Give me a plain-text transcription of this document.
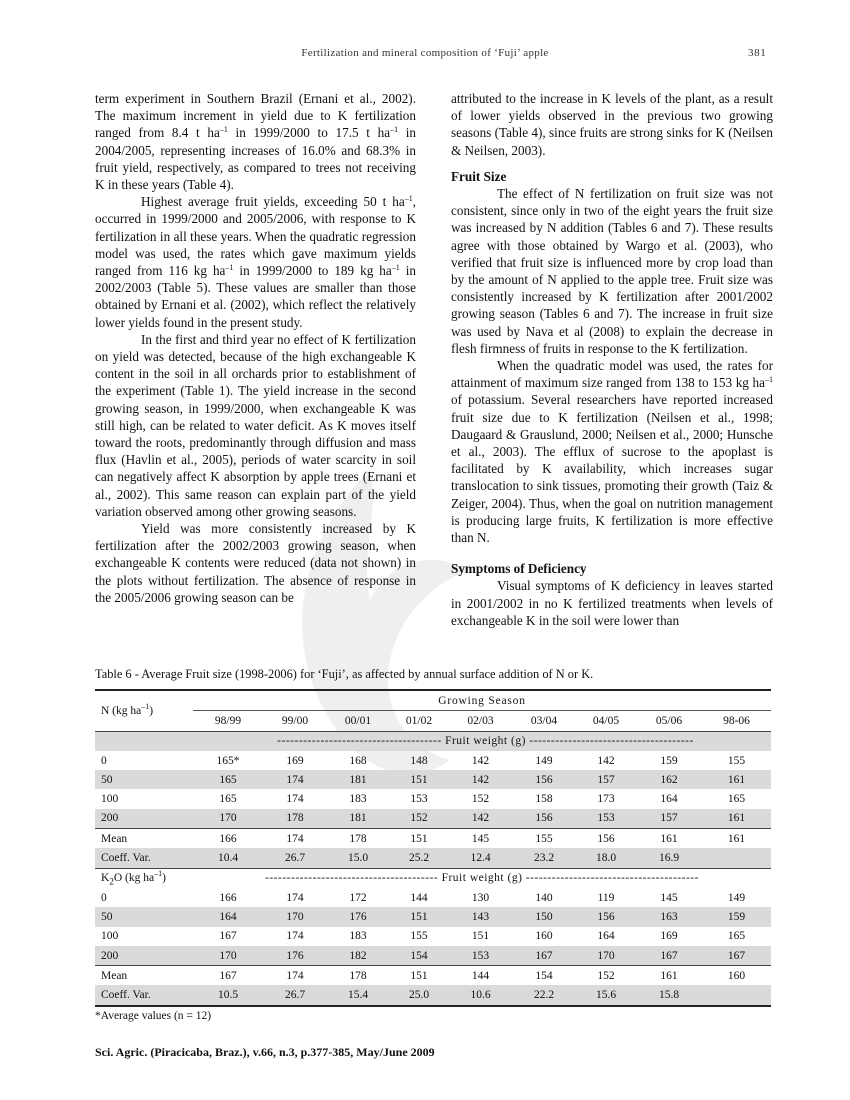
Fertilization and mineral composition of ‘Fuji’ apple	381

term experiment in Southern Brazil (Ernani et al., 2002). The maximum increment in yield due to K fertilization ranged from 8.4 t $ha^{-1}$ in 1999/2000 to 17.5 t $ha^{-1}$ in 2004/2005, representing increases of 16.0% and 68.3% in fruit yield, respectively, as compared to trees not receiving K in these years (Table 4).

Highest average fruit yields, exceeding 50 t $ha^{-1}$, occurred in 1999/2000 and 2005/2006, with response to K fertilization in all these years. When the quadratic regression model was used, the rates which gave maximum yields ranged from 116 kg $ha^{-1}$ in 1999/2000 to 189 kg $ha^{-1}$ in 2002/2003 (Table 5). These values are smaller than those obtained by Ernani et al. (2002), which reflect the relatively lower yields found in the present study.

In the first and third year no effect of K fertilization on yield was detected, because of the high exchangeable K content in the soil in all orchards prior to establishment of the experiment (Table 1). The yield increase in the second growing season, in 1999/2000, when exchangeable K was still high, can be related to water deficit. As K moves itself toward the roots, predominantly through diffusion and mass flux (Havlin et al., 2005), periods of water scarcity in soil can negatively affect K absorption by apple trees (Ernani et al., 2002). This same reason can explain part of the yield variation observed among other growing seasons.

Yield was more consistently increased by K fertilization after the 2002/2003 growing season, when exchangeable K contents were reduced (data not shown) in the plots without fertilization. The absence of response in the 2005/2006 growing season can be

attributed to the increase in K levels of the plant, as a result of lower yields observed in the previous two growing seasons (Table 4), since fruits are strong sinks for K (Neilsen & Neilsen, 2003).

Fruit Size

The effect of N fertilization on fruit size was not consistent, since only in two of the eight years the fruit size was increased by N addition (Tables 6 and 7). These results agree with those obtained by Wargo et al. (2003), who verified that fruit size is influenced more by crop load than by the amount of N applied to the apple tree. Fruit size was consistently increased by K fertilization after 2001/2002 growing season (Tables 6 and 7). The increase in fruit size was used by Nava et al (2008) to explain the decrease in flesh firmness of fruits in response to the K fertilization.

When the quadratic model was used, the rates for attainment of maximum size ranged from 138 to 153 kg $ha^{-1}$ of potassium. Several researchers have reported increased fruit size due to K fertilization (Neilsen et al., 1998; Daugaard & Grauslund, 2000; Neilsen et al., 2000; Hunsche et al., 2003). The efflux of sucrose to the apoplast is facilitated by K availability, which increases sugar translocation to sink tissues, promoting their growth (Taiz & Zeiger, 2004). Thus, when the goal on nutrition management is producing large fruits, K fertilization is more effective than N.

Symptoms of Deficiency

Visual symptoms of K deficiency in leaves started in 2001/2002 in no K fertilized treatments when levels of exchangeable K in the soil were lower than

Table 6 - Average Fruit size (1998-2006) for ‘Fuji’, as affected by annual surface addition of N or K.
N (kg $ha^{-1}$)	Growing Season								
	98/99	99/00	00/01	01/02	02/03	03/04	04/05	05/06	98-06
-------------------------------------- Fruit weight (g) --------------------------------------									
0	165*	169	168	148	142	149	142	159	155
50	165	174	181	151	142	156	157	162	161
100	165	174	183	153	152	158	173	164	165
200	170	178	181	152	142	156	153	157	161
Mean	166	174	178	151	145	155	156	161	161
Coeff. Var.	10.4	26.7	15.0	25.2	12.4	23.2	18.0	16.9	
$K_2O$ (kg $ha^{-1}$)	---------------------------------------- Fruit weight (g) ----------------------------------------								
0	166	174	172	144	130	140	119	145	149
50	164	170	176	151	143	150	156	163	159
100	167	174	183	155	151	160	164	169	165
200	170	176	182	154	153	167	170	167	167
Mean	167	174	178	151	144	154	152	161	160
Coeff. Var.	10.5	26.7	15.4	25.0	10.6	22.2	15.6	15.8	
*Average values (n = 12)
Sci. Agric. (Piracicaba, Braz.), v.66, n.3, p.377-385, May/June 2009
